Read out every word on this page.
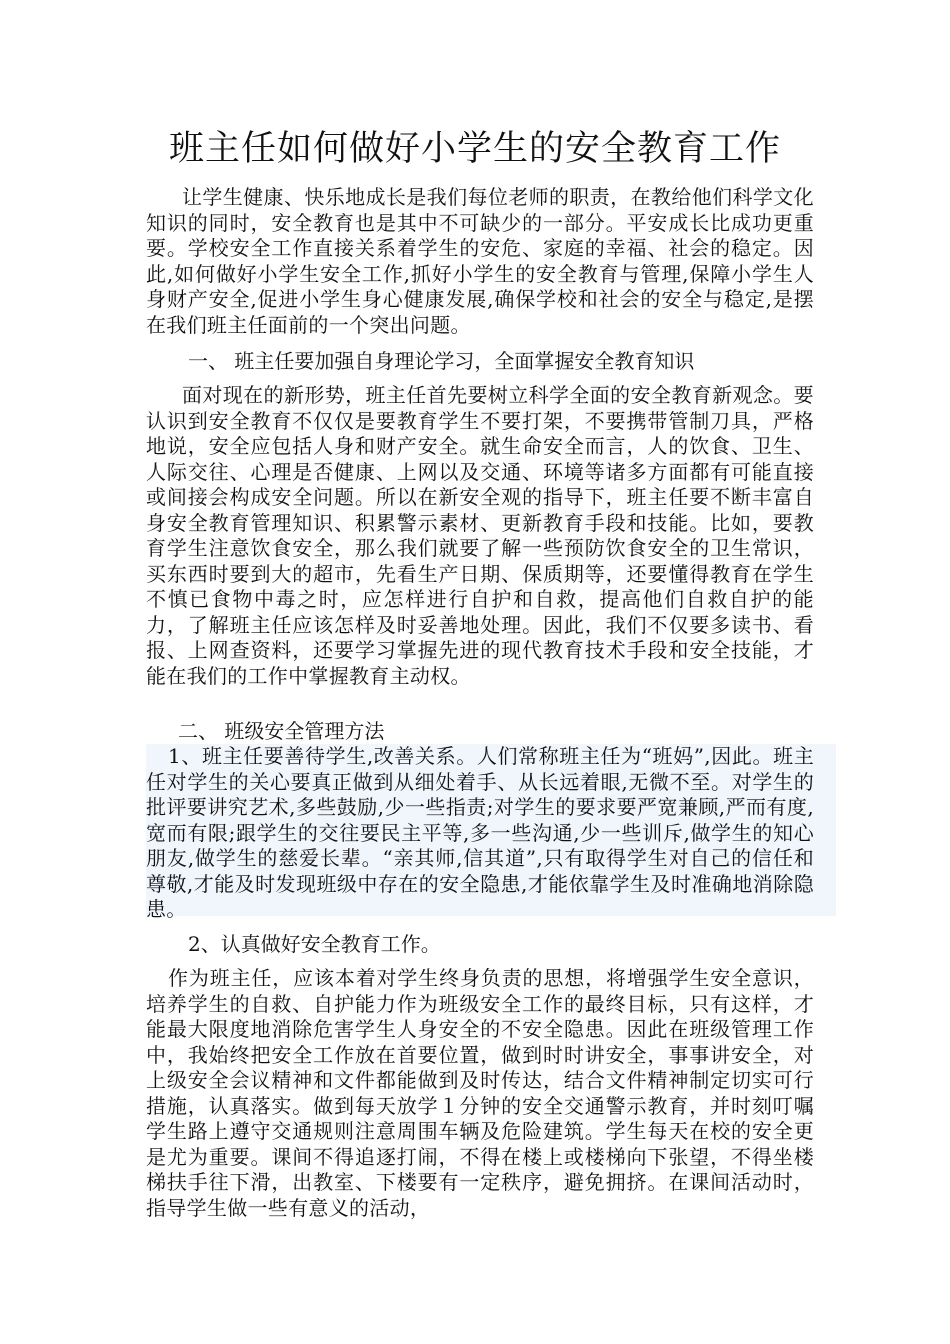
班主任如何做好小学生的安全教育工作
让学生健康、快乐地成长是我们每位老师的职责，在教给他们科学文化知识的同时，安全教育也是其中不可缺少的一部分。平安成长比成功更重要。学校安全工作直接关系着学生的安危、家庭的幸福、社会的稳定。因此,如何做好小学生安全工作,抓好小学生的安全教育与管理,保障小学生人身财产安全,促进小学生身心健康发展,确保学校和社会的安全与稳定,是摆在我们班主任面前的一个突出问题。
一、 班主任要加强自身理论学习，全面掌握安全教育知识
面对现在的新形势，班主任首先要树立科学全面的安全教育新观念。要认识到安全教育不仅仅是要教育学生不要打架，不要携带管制刀具，严格地说，安全应包括人身和财产安全。就生命安全而言，人的饮食、卫生、人际交往、心理是否健康、上网以及交通、环境等诸多方面都有可能直接或间接会构成安全问题。所以在新安全观的指导下，班主任要不断丰富自身安全教育管理知识、积累警示素材、更新教育手段和技能。比如，要教育学生注意饮食安全，那么我们就要了解一些预防饮食安全的卫生常识，买东西时要到大的超市，先看生产日期、保质期等，还要懂得教育在学生不慎已食物中毒之时，应怎样进行自护和自救，提高他们自救自护的能力，了解班主任应该怎样及时妥善地处理。因此，我们不仅要多读书、看报、上网查资料，还要学习掌握先进的现代教育技术手段和安全技能，才能在我们的工作中掌握教育主动权。
二、 班级安全管理方法
1、班主任要善待学生,改善关系。人们常称班主任为“班妈”,因此。班主任对学生的关心要真正做到从细处着手、从长远着眼,无微不至。对学生的批评要讲究艺术,多些鼓励,少一些指责;对学生的要求要严宽兼顾,严而有度,宽而有限;跟学生的交往要民主平等,多一些沟通,少一些训斥,做学生的知心朋友,做学生的慈爱长辈。“亲其师,信其道”,只有取得学生对自己的信任和尊敬,才能及时发现班级中存在的安全隐患,才能依靠学生及时准确地消除隐患。
2、认真做好安全教育工作。
作为班主任，应该本着对学生终身负责的思想，将增强学生安全意识，培养学生的自救、自护能力作为班级安全工作的最终目标，只有这样，才能最大限度地消除危害学生人身安全的不安全隐患。因此在班级管理工作中，我始终把安全工作放在首要位置，做到时时讲安全，事事讲安全，对上级安全会议精神和文件都能做到及时传达，结合文件精神制定切实可行措施，认真落实。做到每天放学１分钟的安全交通警示教育，并时刻叮嘱学生路上遵守交通规则注意周围车辆及危险建筑。学生每天在校的安全更是尤为重要。课间不得追逐打闹，不得在楼上或楼梯向下张望，不得坐楼梯扶手往下滑，出教室、下楼要有一定秩序，避免拥挤。在课间活动时，指导学生做一些有意义的活动，
